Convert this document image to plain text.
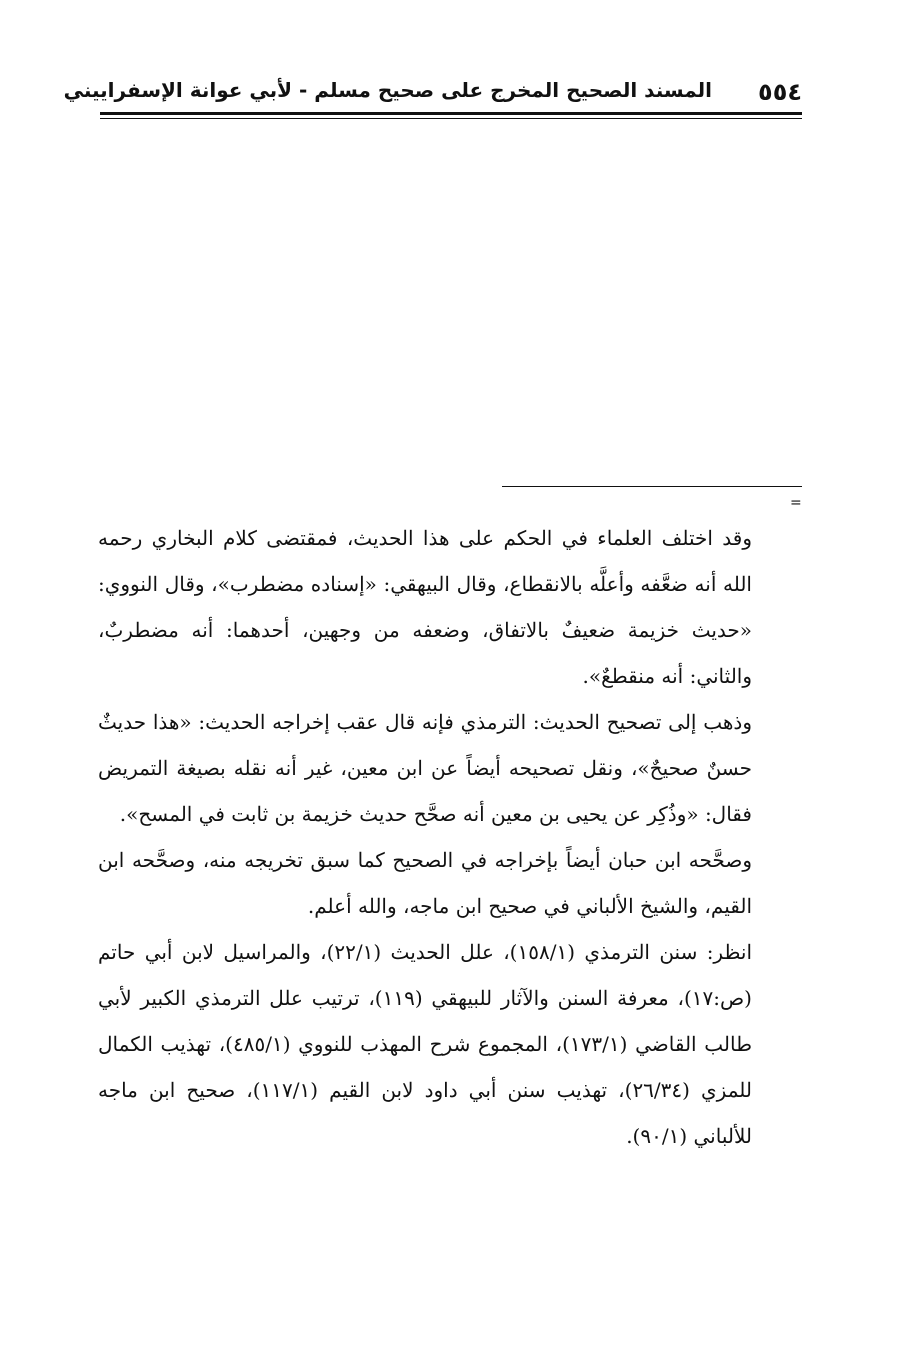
٥٥٤
المسند الصحيح المخرج على صحيح مسلم - لأبي عوانة الإسفراييني
=

وقد اختلف العلماء في الحكم على هذا الحديث، فمقتضى كلام البخاري رحمه الله أنه ضعَّفه وأعلَّه بالانقطاع، وقال البيهقي: «إسناده مضطرب»، وقال النووي: «حديث خزيمة ضعيفٌ بالاتفاق، وضعفه من وجهين، أحدهما: أنه مضطربٌ، والثاني: أنه منقطعٌ».

وذهب إلى تصحيح الحديث: الترمذي فإنه قال عقب إخراجه الحديث: «هذا حديثٌ حسنٌ صحيحٌ»، ونقل تصحيحه أيضاً عن ابن معين، غير أنه نقله بصيغة التمريض فقال: «وذُكِر عن يحيى بن معين أنه صحَّح حديث خزيمة بن ثابت في المسح».

وصحَّحه ابن حبان أيضاً بإخراجه في الصحيح كما سبق تخريجه منه، وصحَّحه ابن القيم، والشيخ الألباني في صحيح ابن ماجه، والله أعلم.

انظر: سنن الترمذي (١٥٨/١)، علل الحديث (٢٢/١)، والمراسيل لابن أبي حاتم (ص:١٧)، معرفة السنن والآثار للبيهقي (١١٩)، ترتيب علل الترمذي الكبير لأبي طالب القاضي (١٧٣/١)، المجموع شرح المهذب للنووي (٤٨٥/١)، تهذيب الكمال للمزي (٢٦/٣٤)، تهذيب سنن أبي داود لابن القيم (١١٧/١)، صحيح ابن ماجه للألباني (٩٠/١).
